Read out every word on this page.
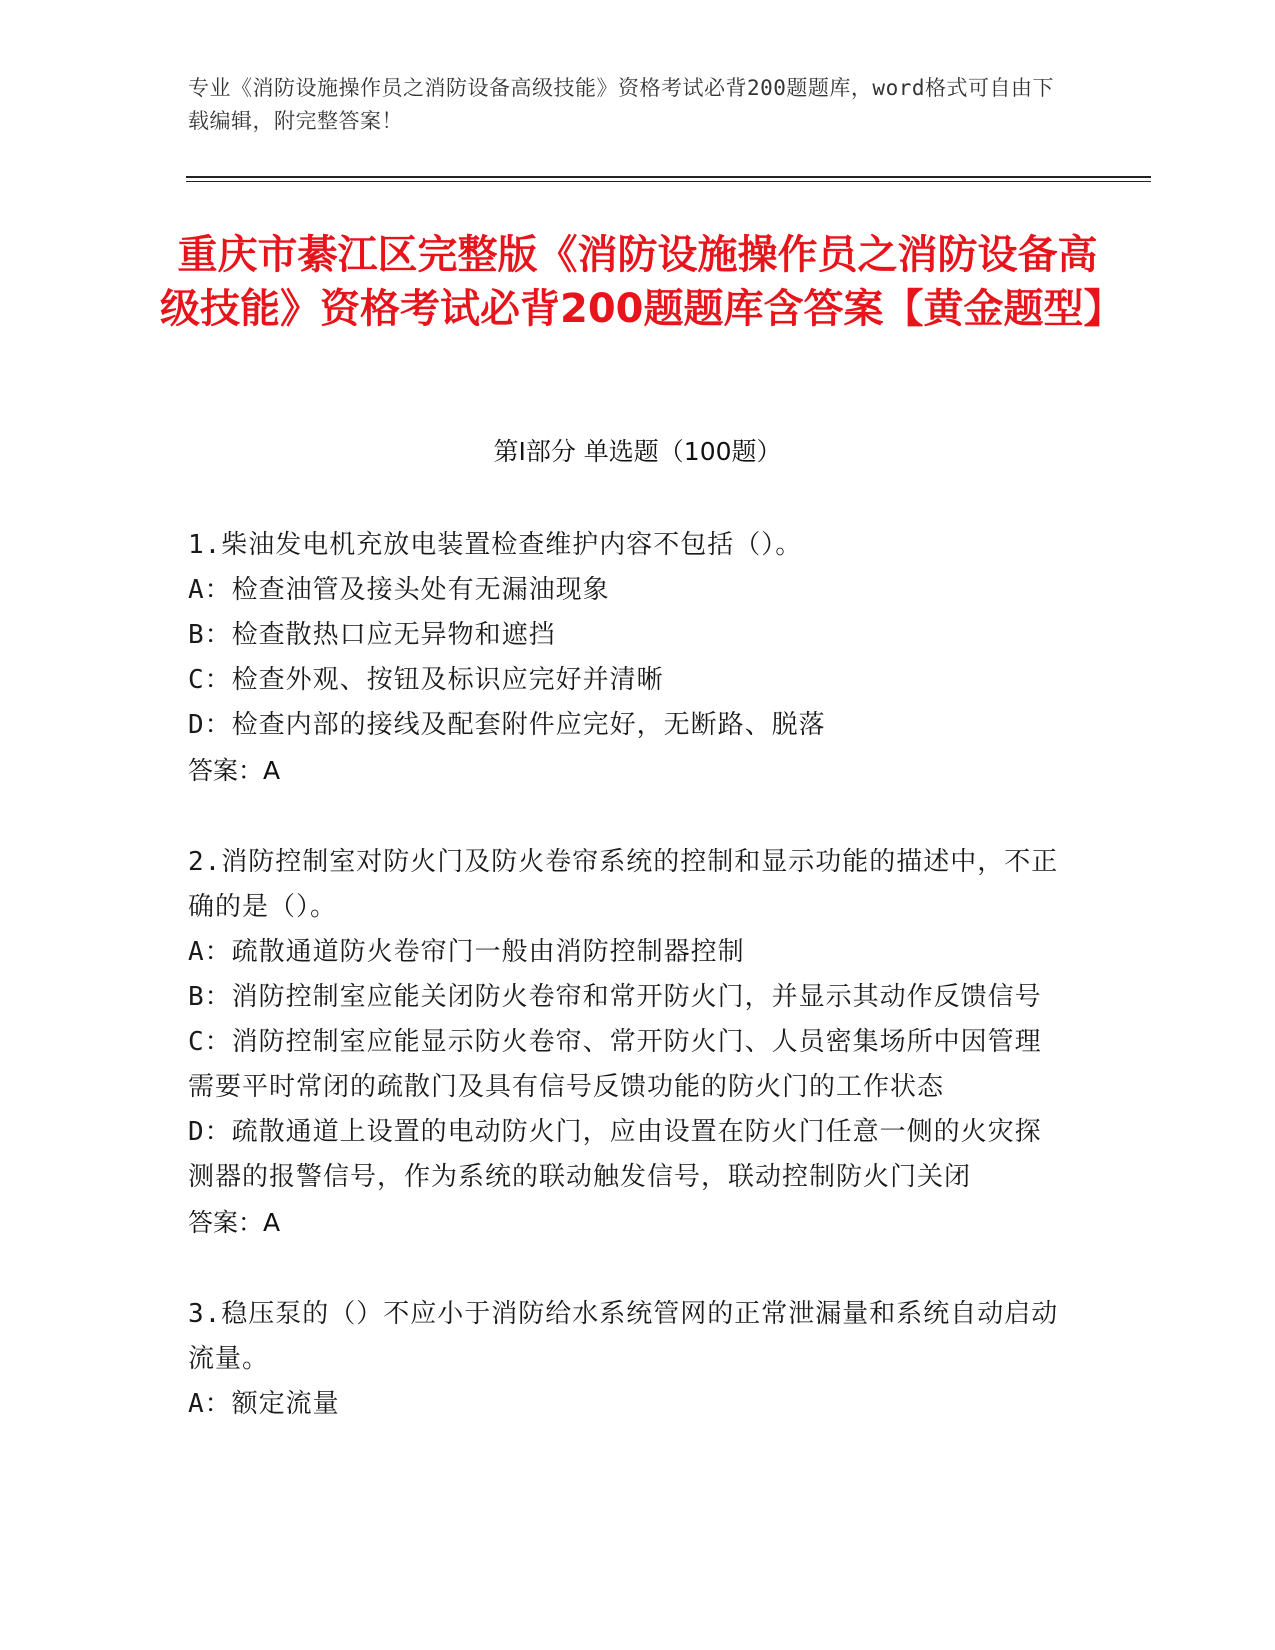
专业《消防设施操作员之消防设备高级技能》资格考试必背200题题库，word格式可自由下载编辑，附完整答案！
重庆市綦江区完整版《消防设施操作员之消防设备高级技能》资格考试必背200题题库含答案【黄金题型】
第Ⅰ部分 单选题（100题）
1.柴油发电机充放电装置检查维护内容不包括（）。
A：检查油管及接头处有无漏油现象
B：检查散热口应无异物和遮挡
C：检查外观、按钮及标识应完好并清晰
D：检查内部的接线及配套附件应完好，无断路、脱落
答案：A
2.消防控制室对防火门及防火卷帘系统的控制和显示功能的描述中，不正确的是（）。
A：疏散通道防火卷帘门一般由消防控制器控制
B：消防控制室应能关闭防火卷帘和常开防火门，并显示其动作反馈信号
C：消防控制室应能显示防火卷帘、常开防火门、人员密集场所中因管理需要平时常闭的疏散门及具有信号反馈功能的防火门的工作状态
D：疏散通道上设置的电动防火门，应由设置在防火门任意一侧的火灾探测器的报警信号，作为系统的联动触发信号，联动控制防火门关闭
答案：A
3.稳压泵的（）不应小于消防给水系统管网的正常泄漏量和系统自动启动流量。
A：额定流量
